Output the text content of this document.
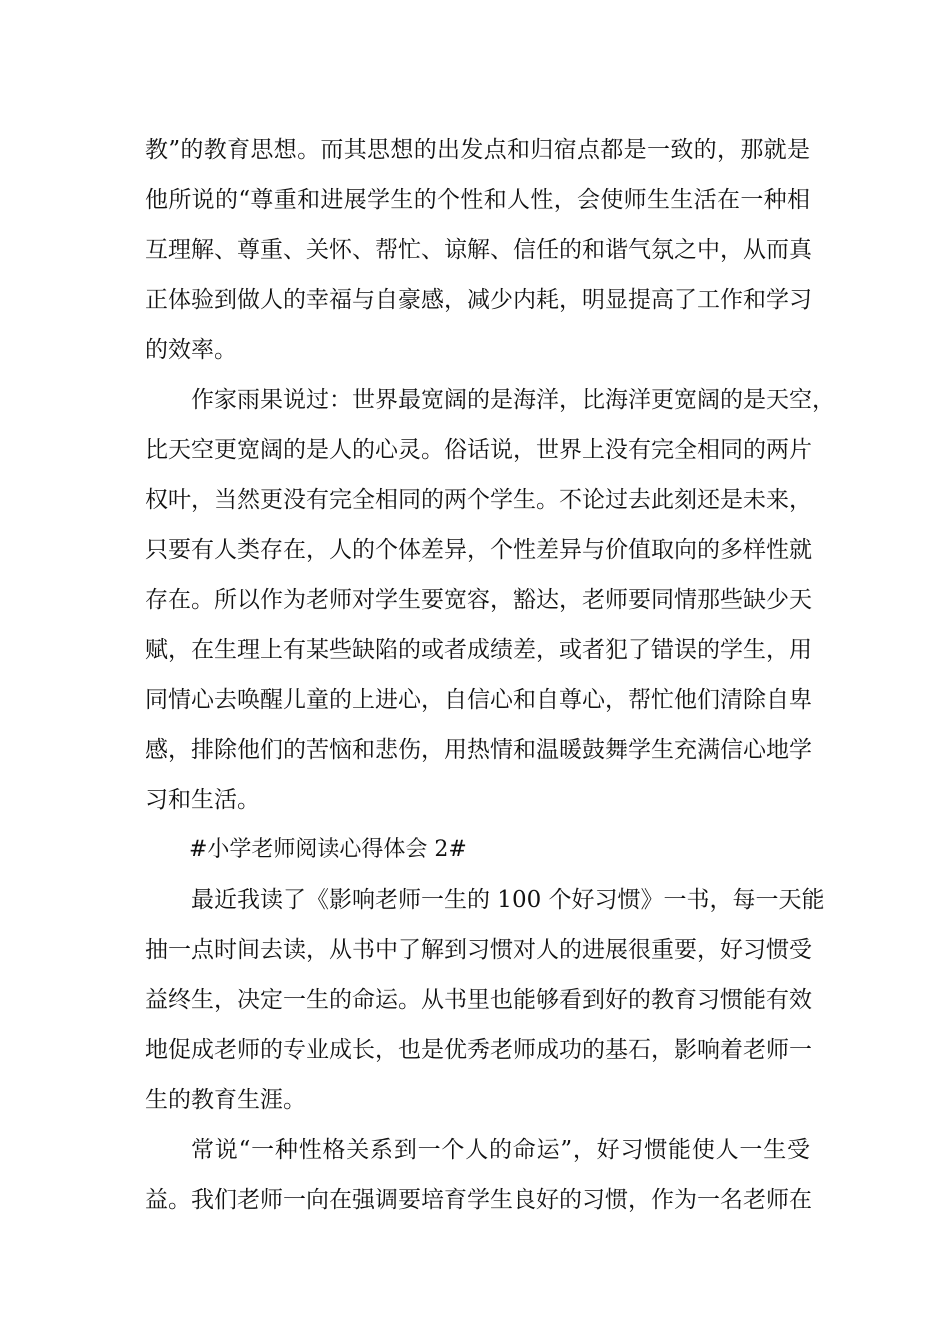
教”的教育思想。而其思想的出发点和归宿点都是一致的，那就是
他所说的“尊重和进展学生的个性和人性，会使师生生活在一种相
互理解、尊重、关怀、帮忙、谅解、信任的和谐气氛之中，从而真
正体验到做人的幸福与自豪感，减少内耗，明显提高了工作和学习
的效率。
作家雨果说过：世界最宽阔的是海洋，比海洋更宽阔的是天空，
比天空更宽阔的是人的心灵。俗话说，世界上没有完全相同的两片
权叶，当然更没有完全相同的两个学生。不论过去此刻还是未来，
只要有人类存在，人的个体差异，个性差异与价值取向的多样性就
存在。所以作为老师对学生要宽容，豁达，老师要同情那些缺少天
赋，在生理上有某些缺陷的或者成绩差，或者犯了错误的学生，用
同情心去唤醒儿童的上进心，自信心和自尊心，帮忙他们清除自卑
感，排除他们的苦恼和悲伤，用热情和温暖鼓舞学生充满信心地学
习和生活。
#小学老师阅读心得体会 2#
最近我读了《影响老师一生的 100 个好习惯》一书，每一天能
抽一点时间去读，从书中了解到习惯对人的进展很重要，好习惯受
益终生，决定一生的命运。从书里也能够看到好的教育习惯能有效
地促成老师的专业成长，也是优秀老师成功的基石，影响着老师一
生的教育生涯。
常说“一种性格关系到一个人的命运”，好习惯能使人一生受
益。我们老师一向在强调要培育学生良好的习惯，作为一名老师在
